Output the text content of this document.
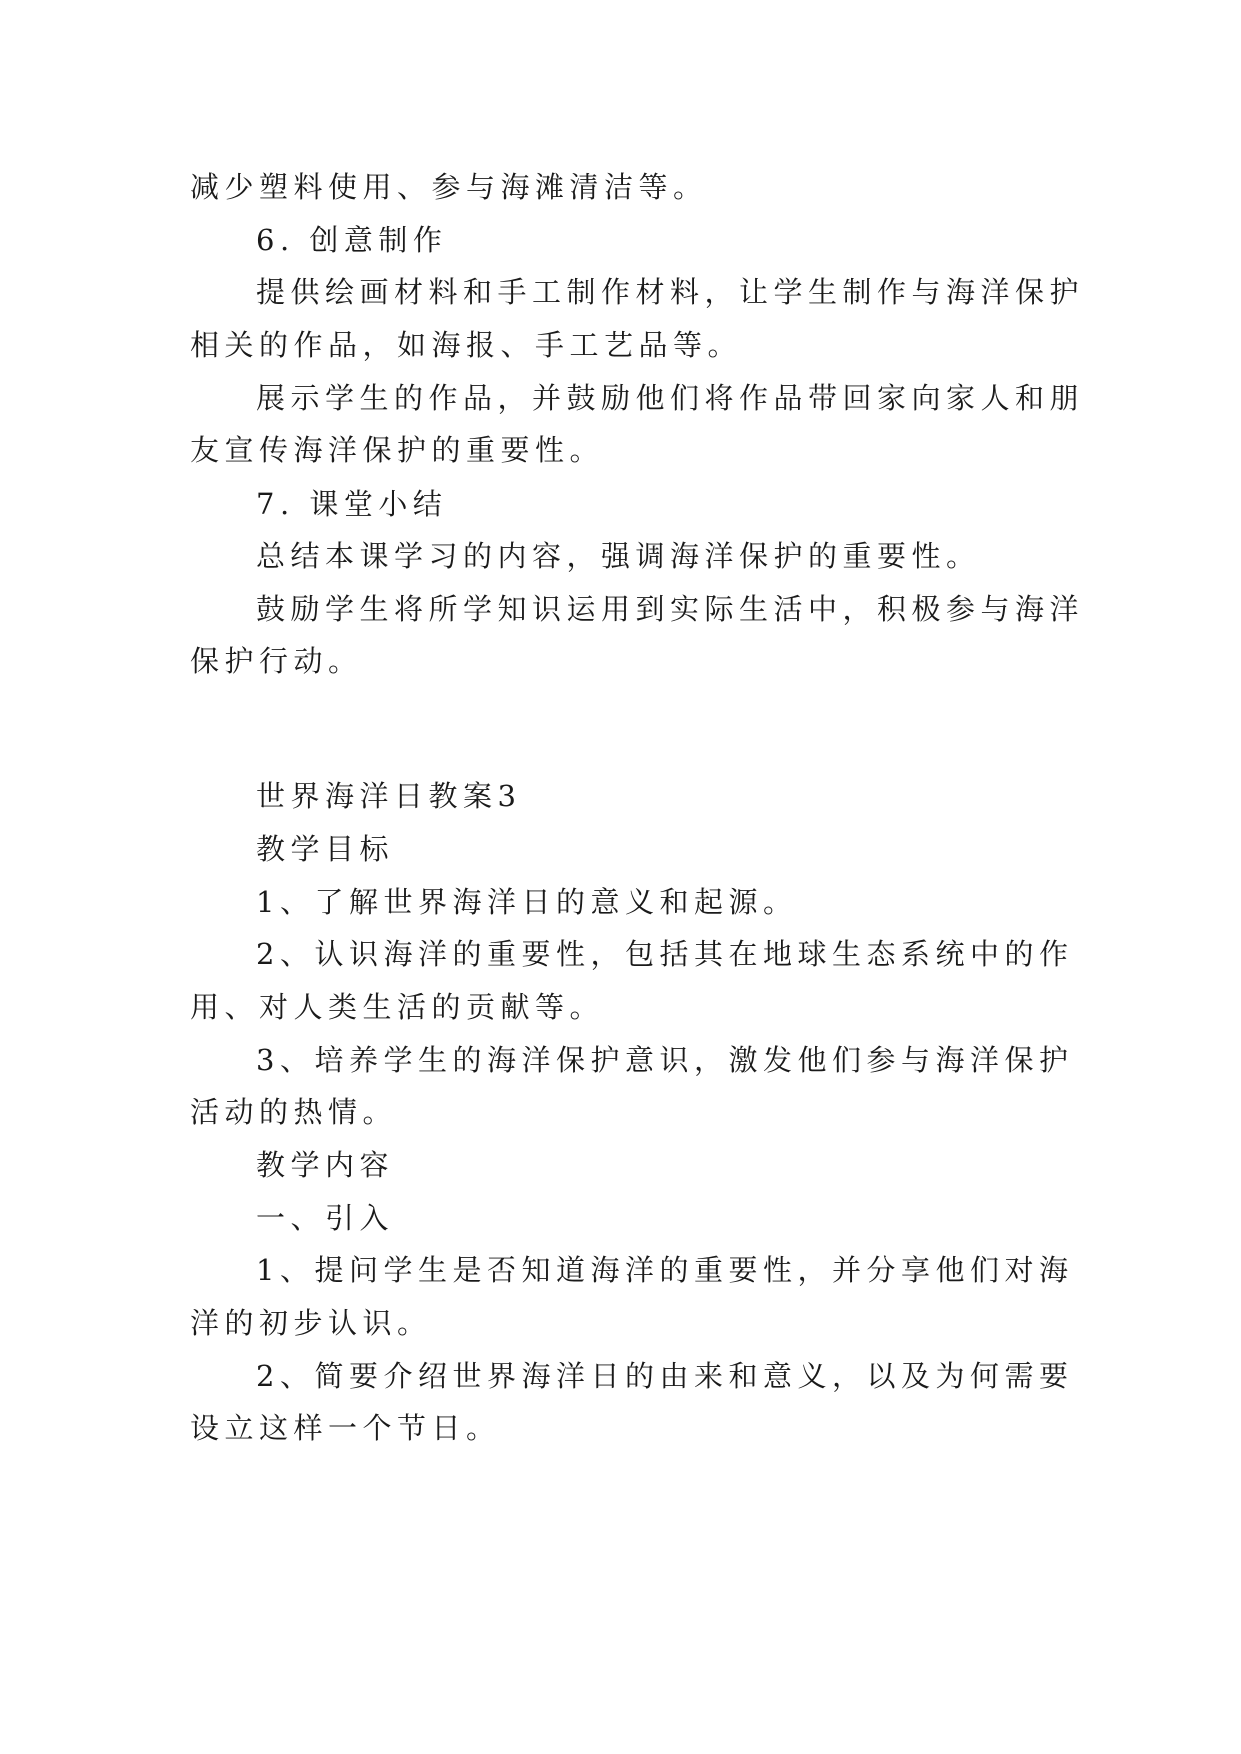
减少塑料使用、参与海滩清洁等。
6. 创意制作
提供绘画材料和手工制作材料，让学生制作与海洋保护
相关的作品，如海报、手工艺品等。
展示学生的作品，并鼓励他们将作品带回家向家人和朋
友宣传海洋保护的重要性。
7. 课堂小结
总结本课学习的内容，强调海洋保护的重要性。
鼓励学生将所学知识运用到实际生活中，积极参与海洋
保护行动。
世界海洋日教案3
教学目标
1、了解世界海洋日的意义和起源。
2、认识海洋的重要性，包括其在地球生态系统中的作
用、对人类生活的贡献等。
3、培养学生的海洋保护意识，激发他们参与海洋保护
活动的热情。
教学内容
一、引入
1、提问学生是否知道海洋的重要性，并分享他们对海
洋的初步认识。
2、简要介绍世界海洋日的由来和意义，以及为何需要
设立这样一个节日。
